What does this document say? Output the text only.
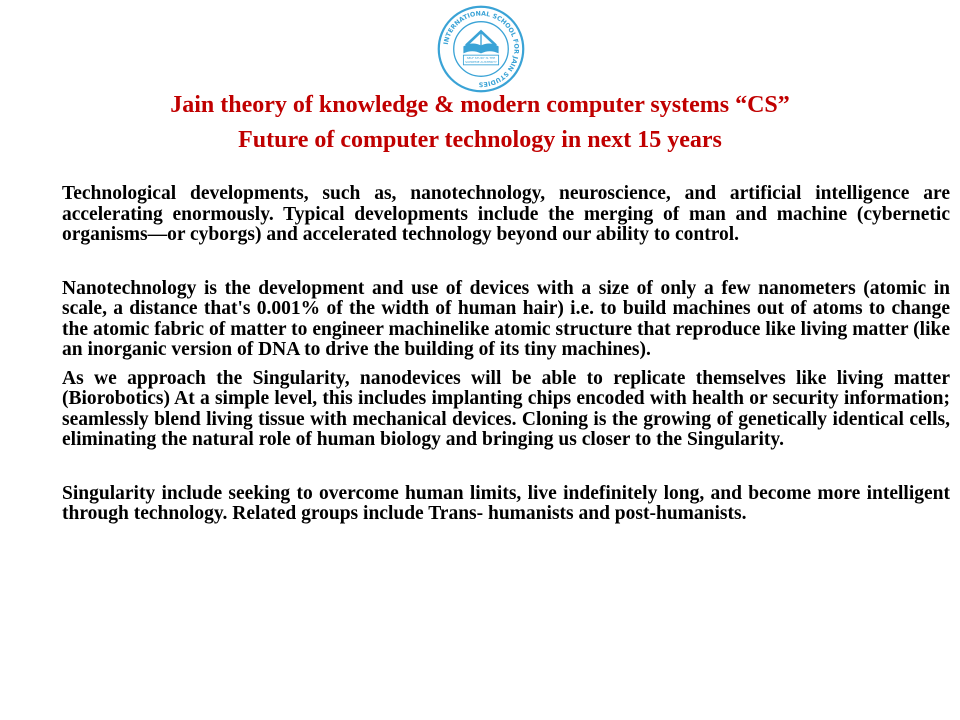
INTERNATIONAL SCHOOL FOR JAIN STUDIES
SELF STUDY IS THE
SUPREME AUSTERITY
Jain theory of knowledge & modern computer systems “CS”
Future of computer technology in next 15 years

Technological developments, such as, nanotechnology, neuroscience, and artificial intelligence are accelerating enormously. Typical developments include the merging of man and machine (cybernetic organisms—or cyborgs) and accelerated technology beyond our ability to control.

Nanotechnology is the development and use of devices with a size of only a few nanometers (atomic in scale, a distance that's 0.001% of the width of human hair) i.e. to build machines out of atoms to change the atomic fabric of matter to engineer machinelike atomic structure that reproduce like living matter (like an inorganic version of DNA to drive the building of its tiny machines).

As we approach the Singularity, nanodevices will be able to replicate themselves like living matter (Biorobotics) At a simple level, this includes implanting chips encoded with health or security information; seamlessly blend living tissue with mechanical devices. Cloning is the growing of genetically identical cells, eliminating the natural role of human biology and bringing us closer to the Singularity.

Singularity include seeking to overcome human limits, live indefinitely long, and become more intelligent through technology. Related groups include Trans- humanists and post-humanists.
